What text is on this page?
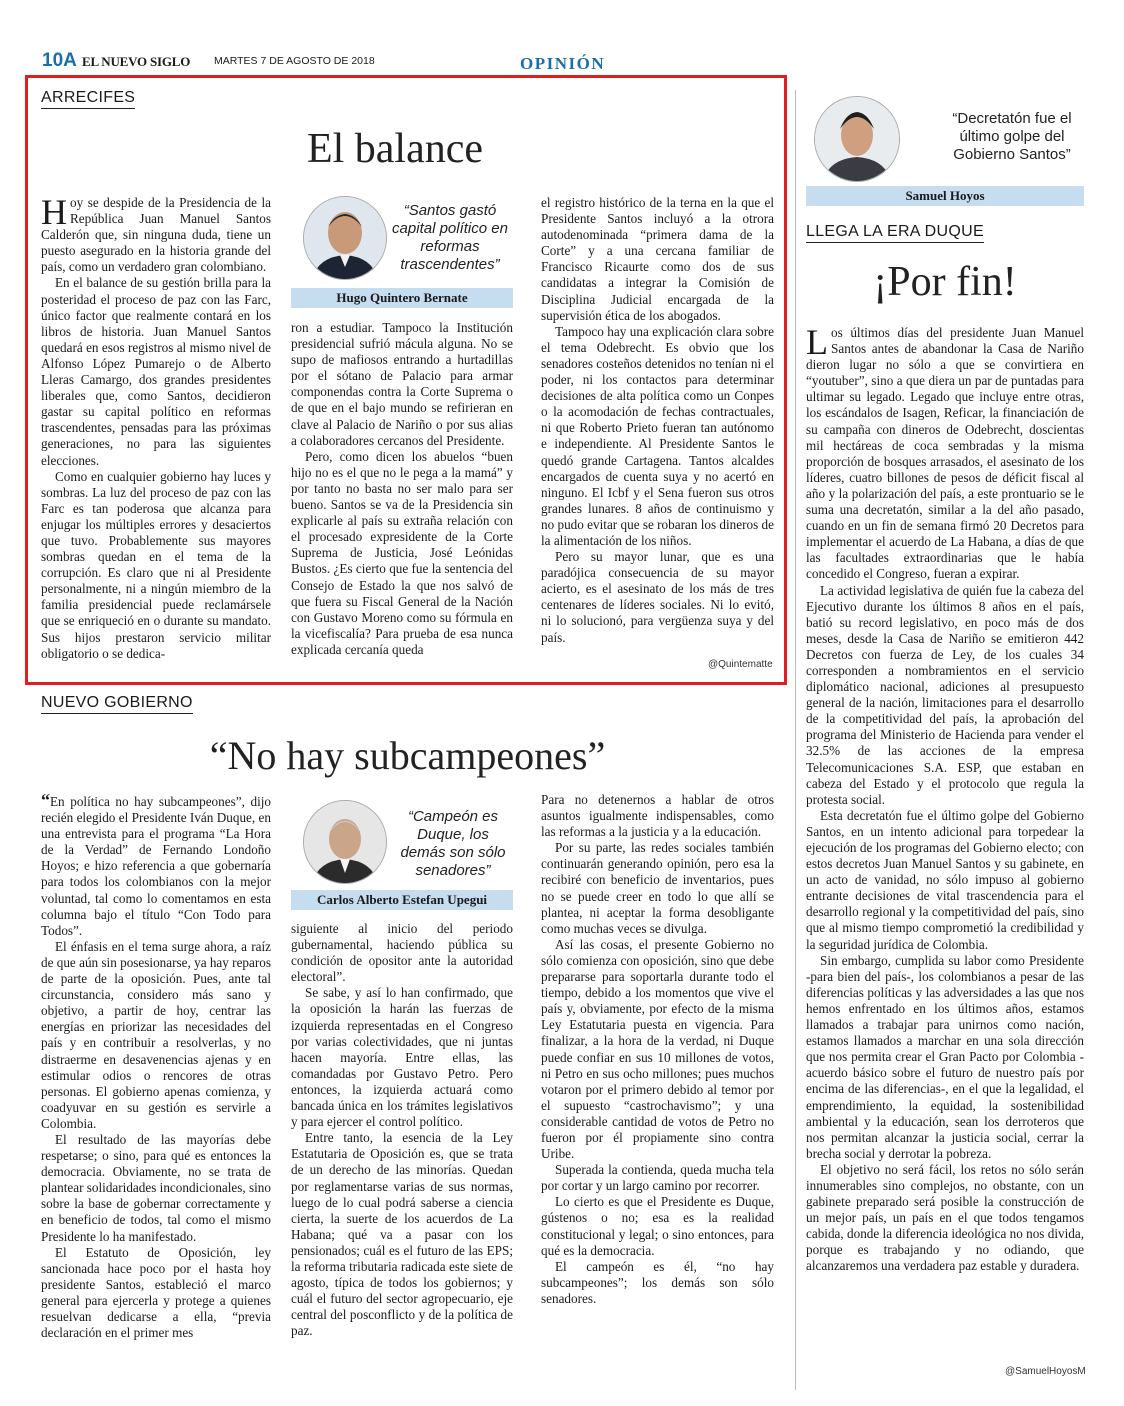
10A EL NUEVO SIGLO MARTES 7 DE AGOSTO DE 2018	OPINIÓN
ARRECIFES
El balance

Hoy se despide de la Presidencia de la República Juan Manuel Santos Calderón que, sin ninguna duda, tiene un puesto asegurado en la historia grande del país, como un verdadero gran colombiano.

En el balance de su gestión brilla para la posteridad el proceso de paz con las Farc, único factor que realmente contará en los libros de historia. Juan Manuel Santos quedará en esos registros al mismo nivel de Alfonso López Pumarejo o de Alberto Lleras Camargo, dos grandes presidentes liberales que, como Santos, decidieron gastar su capital político en reformas trascendentes, pensadas para las próximas generaciones, no para las siguientes elecciones.

Como en cualquier gobierno hay luces y sombras. La luz del proceso de paz con las Farc es tan poderosa que alcanza para enjugar los múltiples errores y desaciertos que tuvo. Probablemente sus mayores sombras quedan en el tema de la corrupción. Es claro que ni al Presidente personalmente, ni a ningún miembro de la familia presidencial puede reclamársele que se enriqueció en o durante su mandato. Sus hijos prestaron servicio militar obligatorio o se dedica-

“Santos gastó capital político en reformas trascendentes”
Hugo Quintero Bernate

ron a estudiar. Tampoco la Institución presidencial sufrió mácula alguna. No se supo de mafiosos entrando a hurtadillas por el sótano de Palacio para armar componendas contra la Corte Suprema o de que en el bajo mundo se refirieran en clave al Palacio de Nariño o por sus alias a colaboradores cercanos del Presidente.

Pero, como dicen los abuelos “buen hijo no es el que no le pega a la mamá” y por tanto no basta no ser malo para ser bueno. Santos se va de la Presidencia sin explicarle al país su extraña relación con el procesado expresidente de la Corte Suprema de Justicia, José Leónidas Bustos. ¿Es cierto que fue la sentencia del Consejo de Estado la que nos salvó de que fuera su Fiscal General de la Nación con Gustavo Moreno como su fórmula en la vicefiscalía? Para prueba de esa nunca explicada cercanía queda

el registro histórico de la terna en la que el Presidente Santos incluyó a la otrora autodenominada “primera dama de la Corte” y a una cercana familiar de Francisco Ricaurte como dos de sus candidatas a integrar la Comisión de Disciplina Judicial encargada de la supervisión ética de los abogados.

Tampoco hay una explicación clara sobre el tema Odebrecht. Es obvio que los senadores costeños detenidos no tenían ni el poder, ni los contactos para determinar decisiones de alta política como un Conpes o la acomodación de fechas contractuales, ni que Roberto Prieto fueran tan autónomo e independiente. Al Presidente Santos le quedó grande Cartagena. Tantos alcaldes encargados de cuenta suya y no acertó en ninguno. El Icbf y el Sena fueron sus otros grandes lunares. 8 años de continuismo y no pudo evitar que se robaran los dineros de la alimentación de los niños.

Pero su mayor lunar, que es una paradójica consecuencia de su mayor acierto, es el asesinato de los más de tres centenares de líderes sociales. Ni lo evitó, ni lo solucionó, para vergüenza suya y del país.

@Quintematte
NUEVO GOBIERNO
“No hay subcampeones”

“En política no hay subcampeones”, dijo recién elegido el Presidente Iván Duque, en una entrevista para el programa “La Hora de la Verdad” de Fernando Londoño Hoyos; e hizo referencia a que gobernaría para todos los colombianos con la mejor voluntad, tal como lo comentamos en esta columna bajo el título “Con Todo para Todos”.

El énfasis en el tema surge ahora, a raíz de que aún sin posesionarse, ya hay reparos de parte de la oposición. Pues, ante tal circunstancia, considero más sano y objetivo, a partir de hoy, centrar las energías en priorizar las necesidades del país y en contribuir a resolverlas, y no distraerme en desavenencias ajenas y en estimular odios o rencores de otras personas. El gobierno apenas comienza, y coadyuvar en su gestión es servirle a Colombia.

El resultado de las mayorías debe respetarse; o sino, para qué es entonces la democracia. Obviamente, no se trata de plantear solidaridades incondicionales, sino sobre la base de gobernar correctamente y en beneficio de todos, tal como el mismo Presidente lo ha manifestado.

El Estatuto de Oposición, ley sancionada hace poco por el hasta hoy presidente Santos, estableció el marco general para ejercerla y protege a quienes resuelvan dedicarse a ella, “previa declaración en el primer mes

“Campeón es Duque, los demás son sólo senadores”
Carlos Alberto Estefan Upegui

siguiente al inicio del periodo gubernamental, haciendo pública su condición de opositor ante la autoridad electoral”.

Se sabe, y así lo han confirmado, que la oposición la harán las fuerzas de izquierda representadas en el Congreso por varias colectividades, que ni juntas hacen mayoría. Entre ellas, las comandadas por Gustavo Petro. Pero entonces, la izquierda actuará como bancada única en los trámites legislativos y para ejercer el control político.

Entre tanto, la esencia de la Ley Estatutaria de Oposición es, que se trata de un derecho de las minorías. Quedan por reglamentarse varias de sus normas, luego de lo cual podrá saberse a ciencia cierta, la suerte de los acuerdos de La Habana; qué va a pasar con los pensionados; cuál es el futuro de las EPS; la reforma tributaria radicada este siete de agosto, típica de todos los gobiernos; y cuál el futuro del sector agropecuario, eje central del posconflicto y de la política de paz.

Para no detenernos a hablar de otros asuntos igualmente indispensables, como las reformas a la justicia y a la educación.

Por su parte, las redes sociales también continuarán generando opinión, pero esa la recibiré con beneficio de inventarios, pues no se puede creer en todo lo que allí se plantea, ni aceptar la forma desobligante como muchas veces se divulga.

Así las cosas, el presente Gobierno no sólo comienza con oposición, sino que debe prepararse para soportarla durante todo el tiempo, debido a los momentos que vive el país y, obviamente, por efecto de la misma Ley Estatutaria puesta en vigencia. Para finalizar, a la hora de la verdad, ni Duque puede confiar en sus 10 millones de votos, ni Petro en sus ocho millones; pues muchos votaron por el primero debido al temor por el supuesto “castrochavismo”; y una considerable cantidad de votos de Petro no fueron por él propiamente sino contra Uribe.

Superada la contienda, queda mucha tela por cortar y un largo camino por recorrer.

Lo cierto es que el Presidente es Duque, gústenos o no; esa es la realidad constitucional y legal; o sino entonces, para qué es la democracia.

El campeón es él, “no hay subcampeones”; los demás son sólo senadores.

“Decretatón fue el último golpe del Gobierno Santos”
Samuel Hoyos
LLEGA LA ERA DUQUE
¡Por fin!

Los últimos días del presidente Juan Manuel Santos antes de abandonar la Casa de Nariño dieron lugar no sólo a que se convirtiera en “youtuber”, sino a que diera un par de puntadas para ultimar su legado. Legado que incluye entre otras, los escándalos de Isagen, Reficar, la financiación de su campaña con dineros de Odebrecht, doscientas mil hectáreas de coca sembradas y la misma proporción de bosques arrasados, el asesinato de los líderes, cuatro billones de pesos de déficit fiscal al año y la polarización del país, a este prontuario se le suma una decretatón, similar a la del año pasado, cuando en un fin de semana firmó 20 Decretos para implementar el acuerdo de La Habana, a días de que las facultades extraordinarias que le había concedido el Congreso, fueran a expirar.

La actividad legislativa de quién fue la cabeza del Ejecutivo durante los últimos 8 años en el país, batió su record legislativo, en poco más de dos meses, desde la Casa de Nariño se emitieron 442 Decretos con fuerza de Ley, de los cuales 34 corresponden a nombramientos en el servicio diplomático nacional, adiciones al presupuesto general de la nación, limitaciones para el desarrollo de la competitividad del país, la aprobación del programa del Ministerio de Hacienda para vender el 32.5% de las acciones de la empresa Telecomunicaciones S.A. ESP, que estaban en cabeza del Estado y el protocolo que regula la protesta social.

Esta decretatón fue el último golpe del Gobierno Santos, en un intento adicional para torpedear la ejecución de los programas del Gobierno electo; con estos decretos Juan Manuel Santos y su gabinete, en un acto de vanidad, no sólo impuso al gobierno entrante decisiones de vital trascendencia para el desarrollo regional y la competitividad del país, sino que al mismo tiempo comprometió la credibilidad y la seguridad jurídica de Colombia.

Sin embargo, cumplida su labor como Presidente -para bien del país-, los colombianos a pesar de las diferencias políticas y las adversidades a las que nos hemos enfrentado en los últimos años, estamos llamados a trabajar para unirnos como nación, estamos llamados a marchar en una sola dirección que nos permita crear el Gran Pacto por Colombia -acuerdo básico sobre el futuro de nuestro país por encima de las diferencias-, en el que la legalidad, el emprendimiento, la equidad, la sostenibilidad ambiental y la educación, sean los derroteros que nos permitan alcanzar la justicia social, cerrar la brecha social y derrotar la pobreza.

El objetivo no será fácil, los retos no sólo serán innumerables sino complejos, no obstante, con un gabinete preparado será posible la construcción de un mejor país, un país en el que todos tengamos cabida, donde la diferencia ideológica no nos divida, porque es trabajando y no odiando, que alcanzaremos una verdadera paz estable y duradera.

@SamuelHoyosM
